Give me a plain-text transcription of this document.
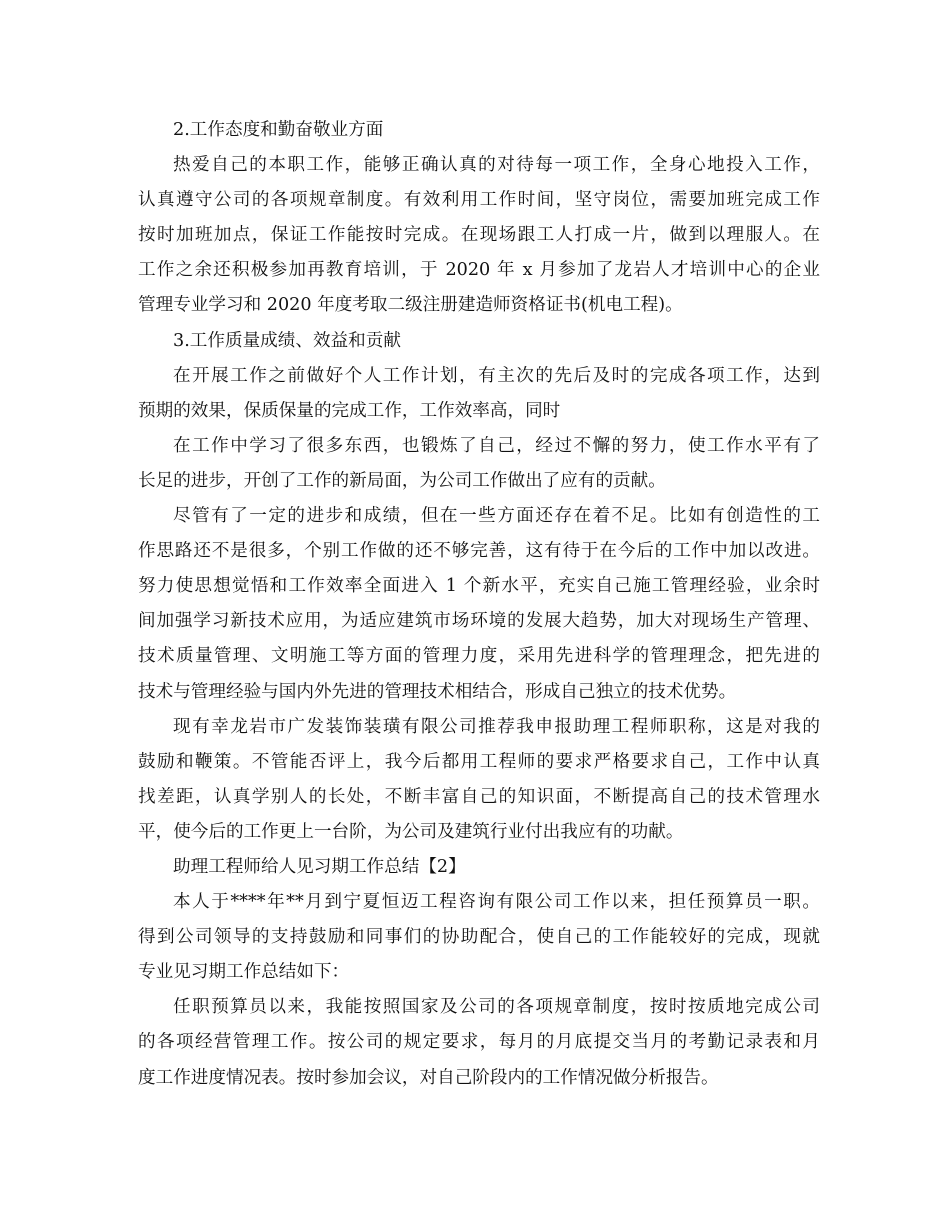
2.工作态度和勤奋敬业方面
热爱自己的本职工作，能够正确认真的对待每一项工作，全身心地投入工作，
认真遵守公司的各项规章制度。有效利用工作时间，坚守岗位，需要加班完成工作
按时加班加点，保证工作能按时完成。在现场跟工人打成一片，做到以理服人。在
工作之余还积极参加再教育培训，于 2020 年 x 月参加了龙岩人才培训中心的企业
管理专业学习和 2020 年度考取二级注册建造师资格证书(机电工程)。
3.工作质量成绩、效益和贡献
在开展工作之前做好个人工作计划，有主次的先后及时的完成各项工作，达到
预期的效果，保质保量的完成工作，工作效率高，同时
在工作中学习了很多东西，也锻炼了自己，经过不懈的努力，使工作水平有了
长足的进步，开创了工作的新局面，为公司工作做出了应有的贡献。
尽管有了一定的进步和成绩，但在一些方面还存在着不足。比如有创造性的工
作思路还不是很多，个别工作做的还不够完善，这有待于在今后的工作中加以改进。
努力使思想觉悟和工作效率全面进入 1 个新水平，充实自己施工管理经验，业余时
间加强学习新技术应用，为适应建筑市场环境的发展大趋势，加大对现场生产管理、
技术质量管理、文明施工等方面的管理力度，采用先进科学的管理理念，把先进的
技术与管理经验与国内外先进的管理技术相结合，形成自己独立的技术优势。
现有幸龙岩市广发装饰装璜有限公司推荐我申报助理工程师职称，这是对我的
鼓励和鞭策。不管能否评上，我今后都用工程师的要求严格要求自己，工作中认真
找差距，认真学别人的长处，不断丰富自己的知识面，不断提高自己的技术管理水
平，使今后的工作更上一台阶，为公司及建筑行业付出我应有的功献。
助理工程师给人见习期工作总结【2】
本人于****年**月到宁夏恒迈工程咨询有限公司工作以来，担任预算员一职。
得到公司领导的支持鼓励和同事们的协助配合，使自己的工作能较好的完成，现就
专业见习期工作总结如下：
任职预算员以来，我能按照国家及公司的各项规章制度，按时按质地完成公司
的各项经营管理工作。按公司的规定要求，每月的月底提交当月的考勤记录表和月
度工作进度情况表。按时参加会议，对自己阶段内的工作情况做分析报告。
